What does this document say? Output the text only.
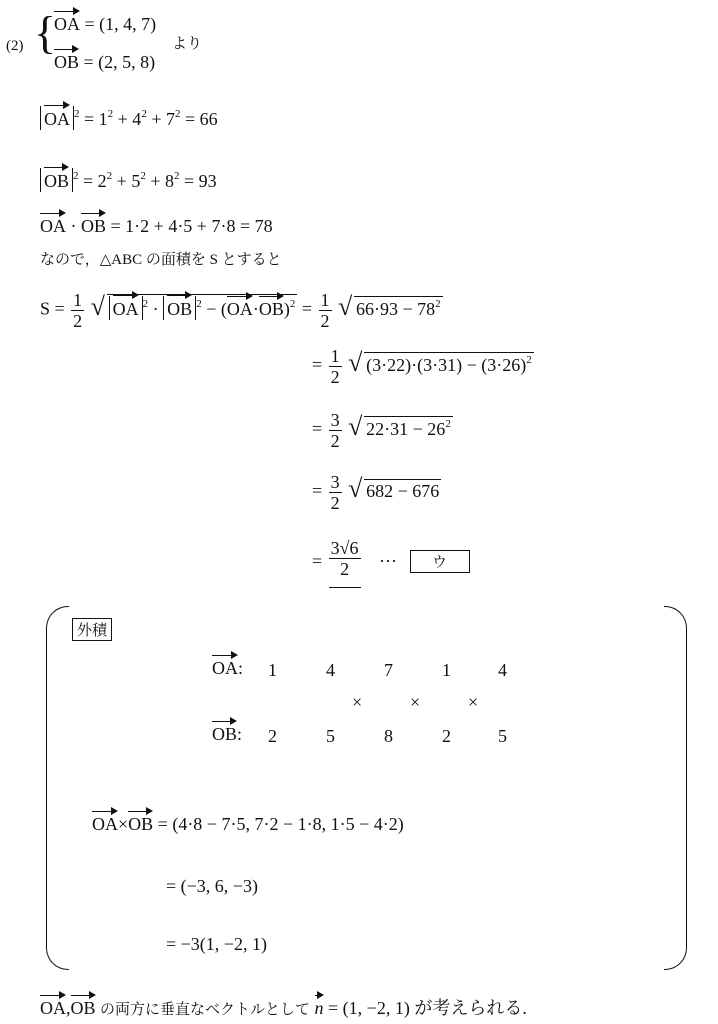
(2) {
OA = (1, 4, 7)
OB = (2, 5, 8)
より
OA $^2 = 1^2 + 4^2 + 7^2 = 66$
OB $^2 = 2^2 + 5^2 + 8^2 = 93$
OA · OB = 1·2 + 4·5 + 7·8 = 78
なので，△ABC の面積を S とすると
$S = \frac{1}{2}$
√ OA $^2$ · OB $^2 - (OA\cdot OB)^2 = \frac{1}{2}$
√ $66\cdot 93 - 78^2$
= $\frac{1}{2}$
√ $(3\cdot 22)\cdot(3\cdot 31) - (3\cdot 26)^2$
= $\frac{3}{2}$
√ $22\cdot 31 - 26^2$
= $\frac{3}{2}$
√ 682 − 676
= $\frac{3√6}{2}$ ··· ウ
外積
OA: 1	4	7	1	4
×	×	×
OB: 2	5	8	2	5
OA×OB = (4·8 − 7·5, 7·2 − 1·8, 1·5 − 4·2)
= (−3, 6, −3)
= −3(1, −2, 1)
OA,OB の両方に垂直なベクトルとして n = (1, −2, 1) が考えられる.
